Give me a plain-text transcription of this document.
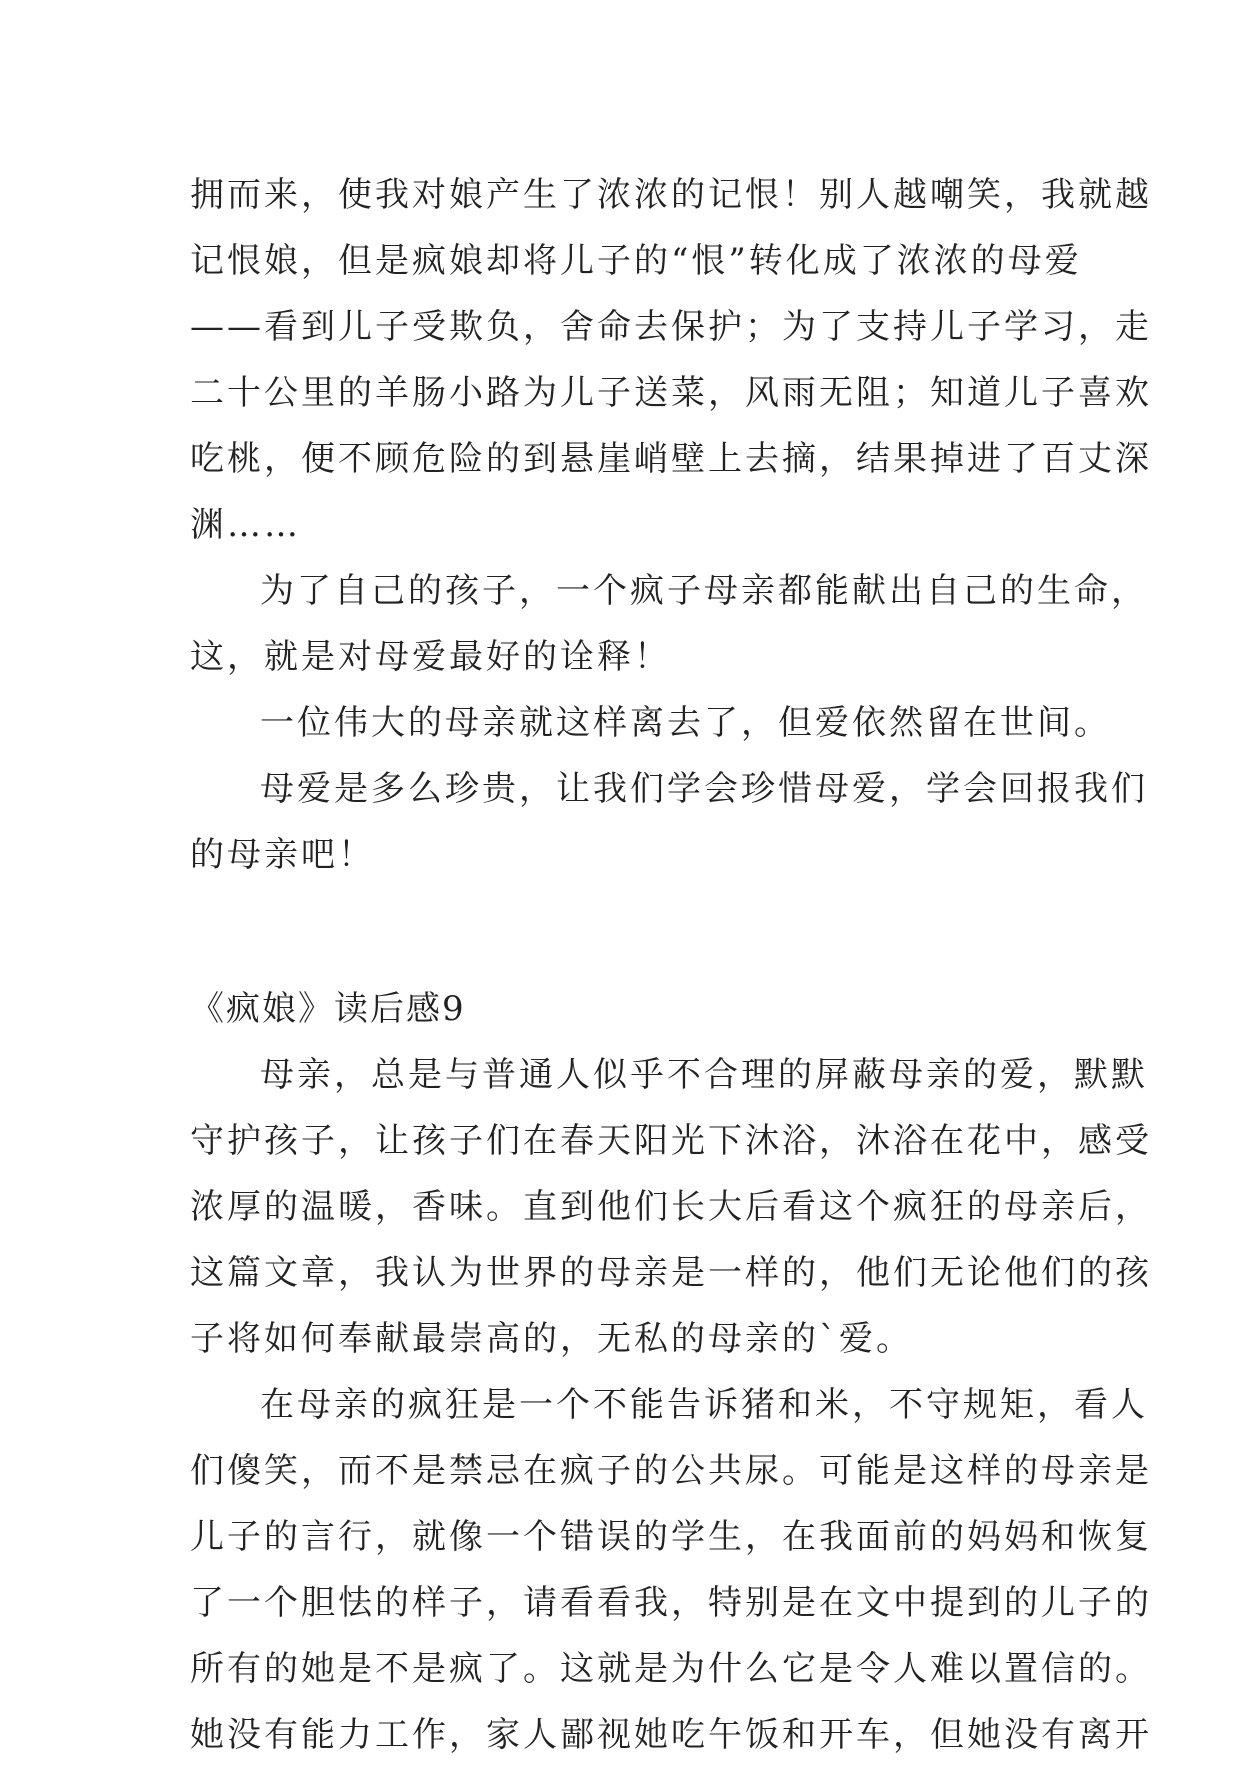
拥而来，使我对娘产生了浓浓的记恨！别人越嘲笑，我就越
记恨娘，但是疯娘却将儿子的“恨”转化成了浓浓的母爱
——看到儿子受欺负，舍命去保护；为了支持儿子学习，走
二十公里的羊肠小路为儿子送菜，风雨无阻；知道儿子喜欢
吃桃，便不顾危险的到悬崖峭壁上去摘，结果掉进了百丈深
渊……
为了自己的孩子，一个疯子母亲都能献出自己的生命，
这，就是对母爱最好的诠释！
一位伟大的母亲就这样离去了，但爱依然留在世间。
母爱是多么珍贵，让我们学会珍惜母爱，学会回报我们
的母亲吧！
《疯娘》读后感9
母亲，总是与普通人似乎不合理的屏蔽母亲的爱，默默
守护孩子，让孩子们在春天阳光下沐浴，沐浴在花中，感受
浓厚的温暖，香味。直到他们长大后看这个疯狂的母亲后，
这篇文章，我认为世界的母亲是一样的，他们无论他们的孩
子将如何奉献最崇高的，无私的母亲的`爱。
在母亲的疯狂是一个不能告诉猪和米，不守规矩，看人
们傻笑，而不是禁忌在疯子的公共尿。可能是这样的母亲是
儿子的言行，就像一个错误的学生，在我面前的妈妈和恢复
了一个胆怯的样子，请看看我，特别是在文中提到的儿子的
所有的她是不是疯了。这就是为什么它是令人难以置信的。
她没有能力工作，家人鄙视她吃午饭和开车，但她没有离开
